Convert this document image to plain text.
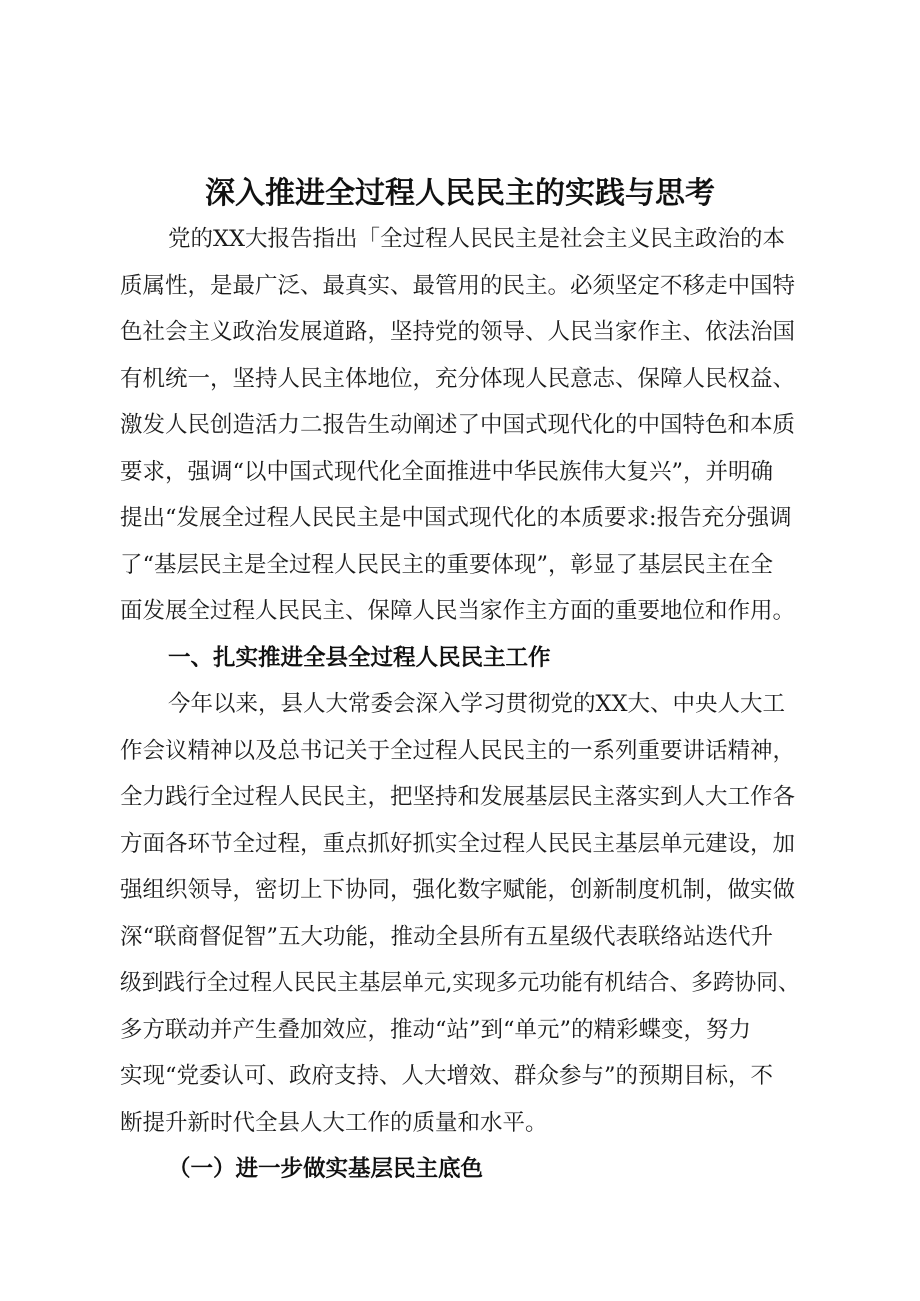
深入推进全过程人民民主的实践与思考
党的XX大报告指出「全过程人民民主是社会主义民主政治的本
质属性，是最广泛、最真实、最管用的民主。必须坚定不移走中国特
色社会主义政治发展道路，坚持党的领导、人民当家作主、依法治国
有机统一，坚持人民主体地位，充分体现人民意志、保障人民权益、
激发人民创造活力二报告生动阐述了中国式现代化的中国特色和本质
要求，强调“以中国式现代化全面推进中华民族伟大复兴”，并明确
提出“发展全过程人民民主是中国式现代化的本质要求:报告充分强调
了“基层民主是全过程人民民主的重要体现”，彰显了基层民主在全
面发展全过程人民民主、保障人民当家作主方面的重要地位和作用。
一、扎实推进全县全过程人民民主工作
今年以来，县人大常委会深入学习贯彻党的XX大、中央人大工
作会议精神以及总书记关于全过程人民民主的一系列重要讲话精神，
全力践行全过程人民民主，把坚持和发展基层民主落实到人大工作各
方面各环节全过程，重点抓好抓实全过程人民民主基层单元建设，加
强组织领导，密切上下协同，强化数字赋能，创新制度机制，做实做
深“联商督促智”五大功能，推动全县所有五星级代表联络站迭代升
级到践行全过程人民民主基层单元,实现多元功能有机结合、多跨协同、
多方联动并产生叠加效应，推动“站”到“单元”的精彩蝶变，努力
实现“党委认可、政府支持、人大增效、群众参与”的预期目标，不
断提升新时代全县人大工作的质量和水平。
（一）进一步做实基层民主底色
